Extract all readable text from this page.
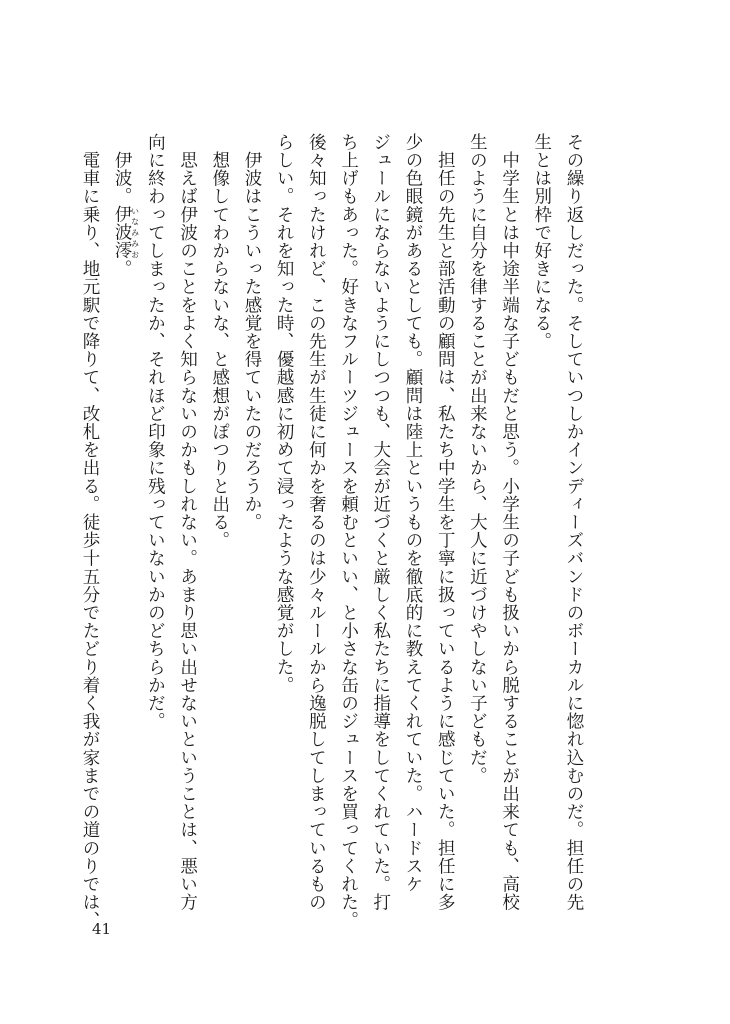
その繰り返しだった。そしていつしかインディーズバンドのボーカルに惚れ込むのだ。担任の先
生とは別枠で好きになる。
　中学生とは中途半端な子どもだと思う。小学生の子ども扱いから脱することが出来ても、高校
生のように自分を律することが出来ないから、大人に近づけやしない子どもだ。
　担任の先生と部活動の顧問は、私たち中学生を丁寧に扱っているように感じていた。担任に多
少の色眼鏡があるとしても。顧問は陸上というものを徹底的に教えてくれていた。ハードスケ
ジュールにならないようにしつつも、大会が近づくと厳しく私たちに指導をしてくれていた。打
ち上げもあった。好きなフルーツジュースを頼むといい、と小さな缶のジュースを買ってくれた。
後々知ったけれど、この先生が生徒に何かを奢るのは少々ルールから逸脱してしまっているもの
らしい。それを知った時、優越感に初めて浸ったような感覚がした。
　伊波はこういった感覚を得ていたのだろうか。
　想像してわからないな、と感想がぽつりと出る。
　思えば伊波のことをよく知らないのかもしれない。あまり思い出せないということは、悪い方
向に終わってしまったか、それほど印象に残っていないかのどちらかだ。
　伊波。伊波澪いなみみお。
　電車に乗り、地元駅で降りて、改札を出る。徒歩十五分でたどり着く我が家までの道のりでは、
41
